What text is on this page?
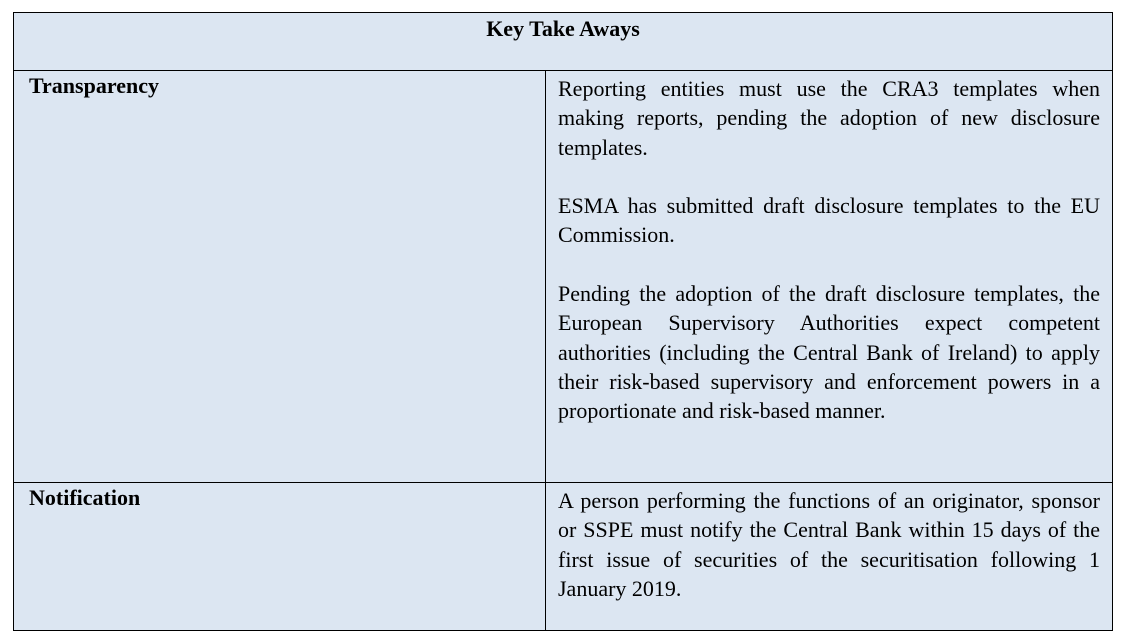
Key Take Aways
Transparency	Reporting entities must use the CRA3 templates when making reports, pending the adoption of new disclosure templates.

ESMA has submitted draft disclosure templates to the EU Commission.

Pending the adoption of the draft disclosure templates, the European Supervisory Authorities expect competent authorities (including the Central Bank of Ireland) to apply their risk-based supervisory and enforcement powers in a proportionate and risk-based manner.

Notification	A person performing the functions of an originator, sponsor or SSPE must notify the Central Bank within 15 days of the first issue of securities of the securitisation following 1 January 2019.
